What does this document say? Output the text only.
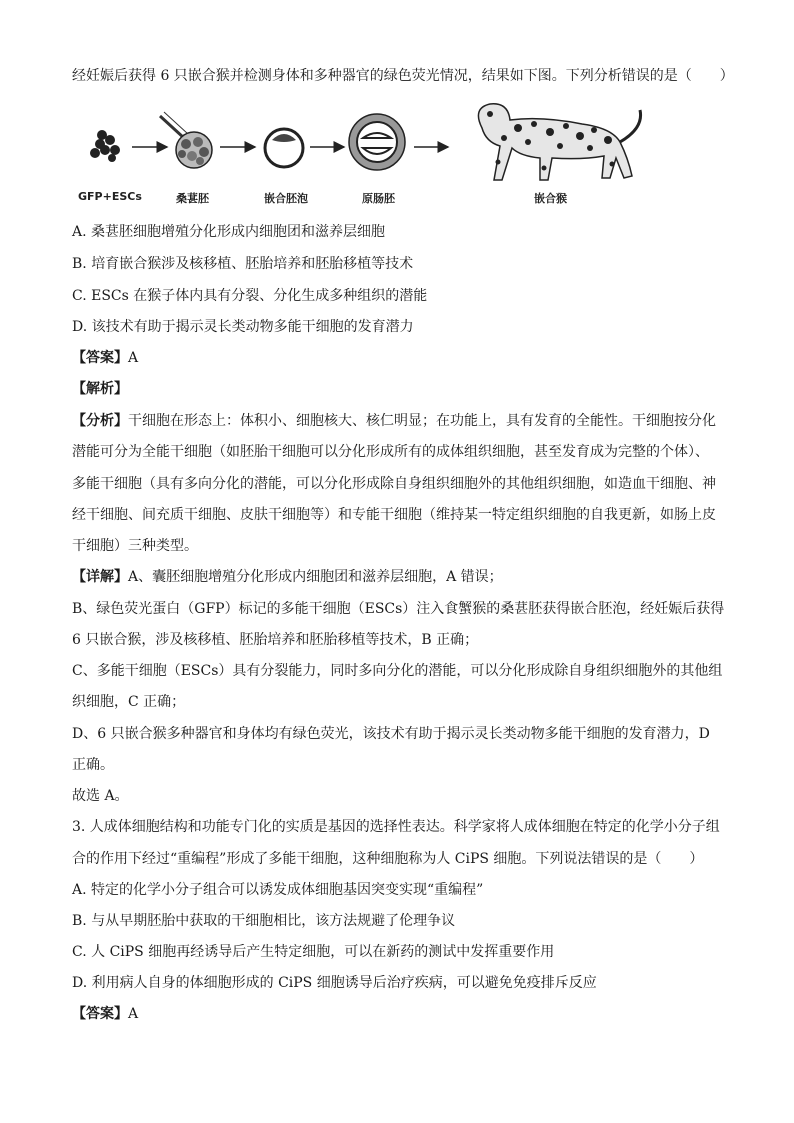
经妊娠后获得 6 只嵌合猴并检测身体和多种器官的绿色荧光情况，结果如下图。下列分析错误的是（　　）
GFP+ESCs	桑葚胚	嵌合胚泡	原肠胚	嵌合猴
A. 桑葚胚细胞增殖分化形成内细胞团和滋养层细胞
B. 培育嵌合猴涉及核移植、胚胎培养和胚胎移植等技术
C. ESCs 在猴子体内具有分裂、分化生成多种组织的潜能
D. 该技术有助于揭示灵长类动物多能干细胞的发育潜力
【答案】A
【解析】
【分析】干细胞在形态上：体积小、细胞核大、核仁明显；在功能上，具有发育的全能性。干细胞按分化
潜能可分为全能干细胞（如胚胎干细胞可以分化形成所有的成体组织细胞，甚至发育成为完整的个体）、
多能干细胞（具有多向分化的潜能，可以分化形成除自身组织细胞外的其他组织细胞，如造血干细胞、神
经干细胞、间充质干细胞、皮肤干细胞等）和专能干细胞（维持某一特定组织细胞的自我更新，如肠上皮
干细胞）三种类型。
【详解】A、囊胚细胞增殖分化形成内细胞团和滋养层细胞，A 错误；
B、绿色荧光蛋白（GFP）标记的多能干细胞（ESCs）注入食蟹猴的桑葚胚获得嵌合胚泡，经妊娠后获得
6 只嵌合猴，涉及核移植、胚胎培养和胚胎移植等技术，B 正确；
C、多能干细胞（ESCs）具有分裂能力，同时多向分化的潜能，可以分化形成除自身组织细胞外的其他组
织细胞，C 正确；
D、6 只嵌合猴多种器官和身体均有绿色荧光，该技术有助于揭示灵长类动物多能干细胞的发育潜力，D
正确。
故选 A。
3. 人成体细胞结构和功能专门化的实质是基因的选择性表达。科学家将人成体细胞在特定的化学小分子组
合的作用下经过“重编程”形成了多能干细胞，这种细胞称为人 CiPS 细胞。下列说法错误的是（　　）
A. 特定的化学小分子组合可以诱发成体细胞基因突变实现“重编程”
B. 与从早期胚胎中获取的干细胞相比，该方法规避了伦理争议
C. 人 CiPS 细胞再经诱导后产生特定细胞，可以在新药的测试中发挥重要作用
D. 利用病人自身的体细胞形成的 CiPS 细胞诱导后治疗疾病，可以避免免疫排斥反应
【答案】A
